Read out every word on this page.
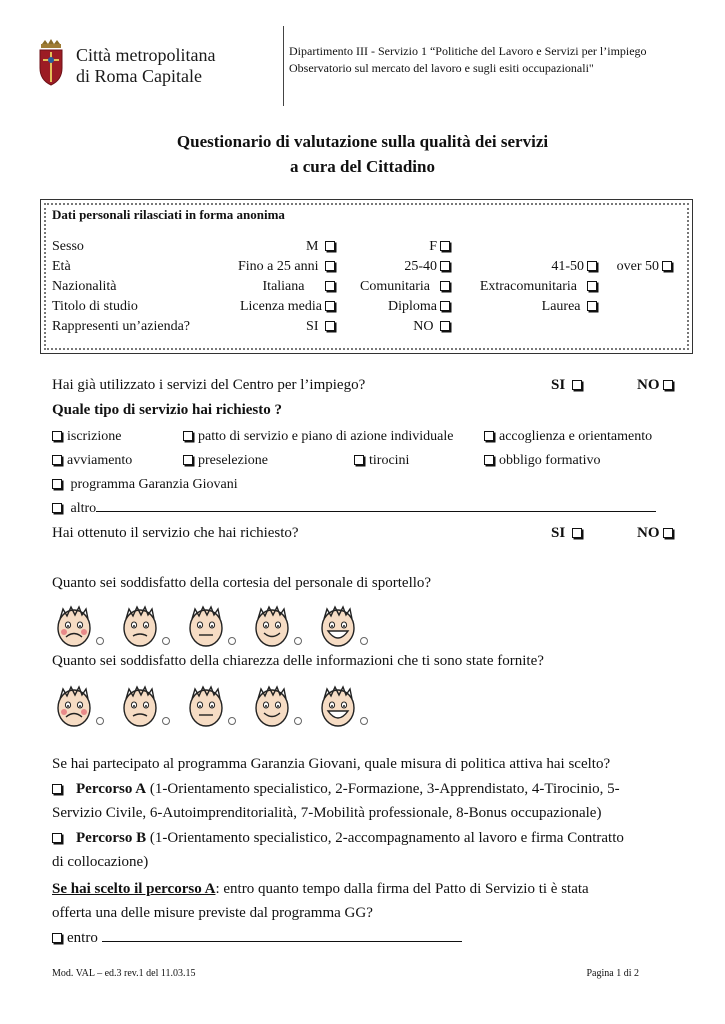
Città metropolitana
di Roma Capitale
Dipartimento III - Servizio 1 “Politiche del Lavoro e Servizi per l’impiego
Observatorio sul mercato del lavoro e sugli esiti occupazionali"
Questionario di valutazione sulla qualità dei servizi
a cura del Cittadino
Dati personali rilasciati in forma anonima
Sesso	M	F
Età	Fino a 25 anni	25-40	41-50	over 50
Nazionalità	Italiana	Comunitaria	Extracomunitaria
Titolo di studio	Licenza media	Diploma	Laurea
Rappresenti un’azienda?	SI	NO
Hai già utilizzato i servizi del Centro per l’impiego?	SI	NO
Quale tipo di servizio hai richiesto ?
iscrizione	patto di servizio e piano di azione individuale	accoglienza e orientamento
avviamento	preselezione	tirocini	obbligo formativo
programma Garanzia Giovani
altro
Hai ottenuto il servizio che hai richiesto?	SI	NO
Quanto sei soddisfatto della cortesia del personale di sportello?
Quanto sei soddisfatto della chiarezza delle informazioni che ti sono state fornite?
Se hai partecipato al programma Garanzia Giovani, quale misura di politica attiva hai scelto?
Percorso A (1-Orientamento specialistico, 2-Formazione, 3-Apprendistato, 4-Tirocinio, 5-
Servizio Civile, 6-Autoimprenditorialità, 7-Mobilità professionale, 8-Bonus occupazionale)
Percorso B (1-Orientamento specialistico, 2-accompagnamento al lavoro e firma Contratto
di collocazione)
Se hai scelto il percorso A: entro quanto tempo dalla firma del Patto di Servizio ti è stata
offerta una delle misure previste dal programma GG?
entro
Mod. VAL – ed.3 rev.1 del 11.03.15	Pagina 1 di 2
